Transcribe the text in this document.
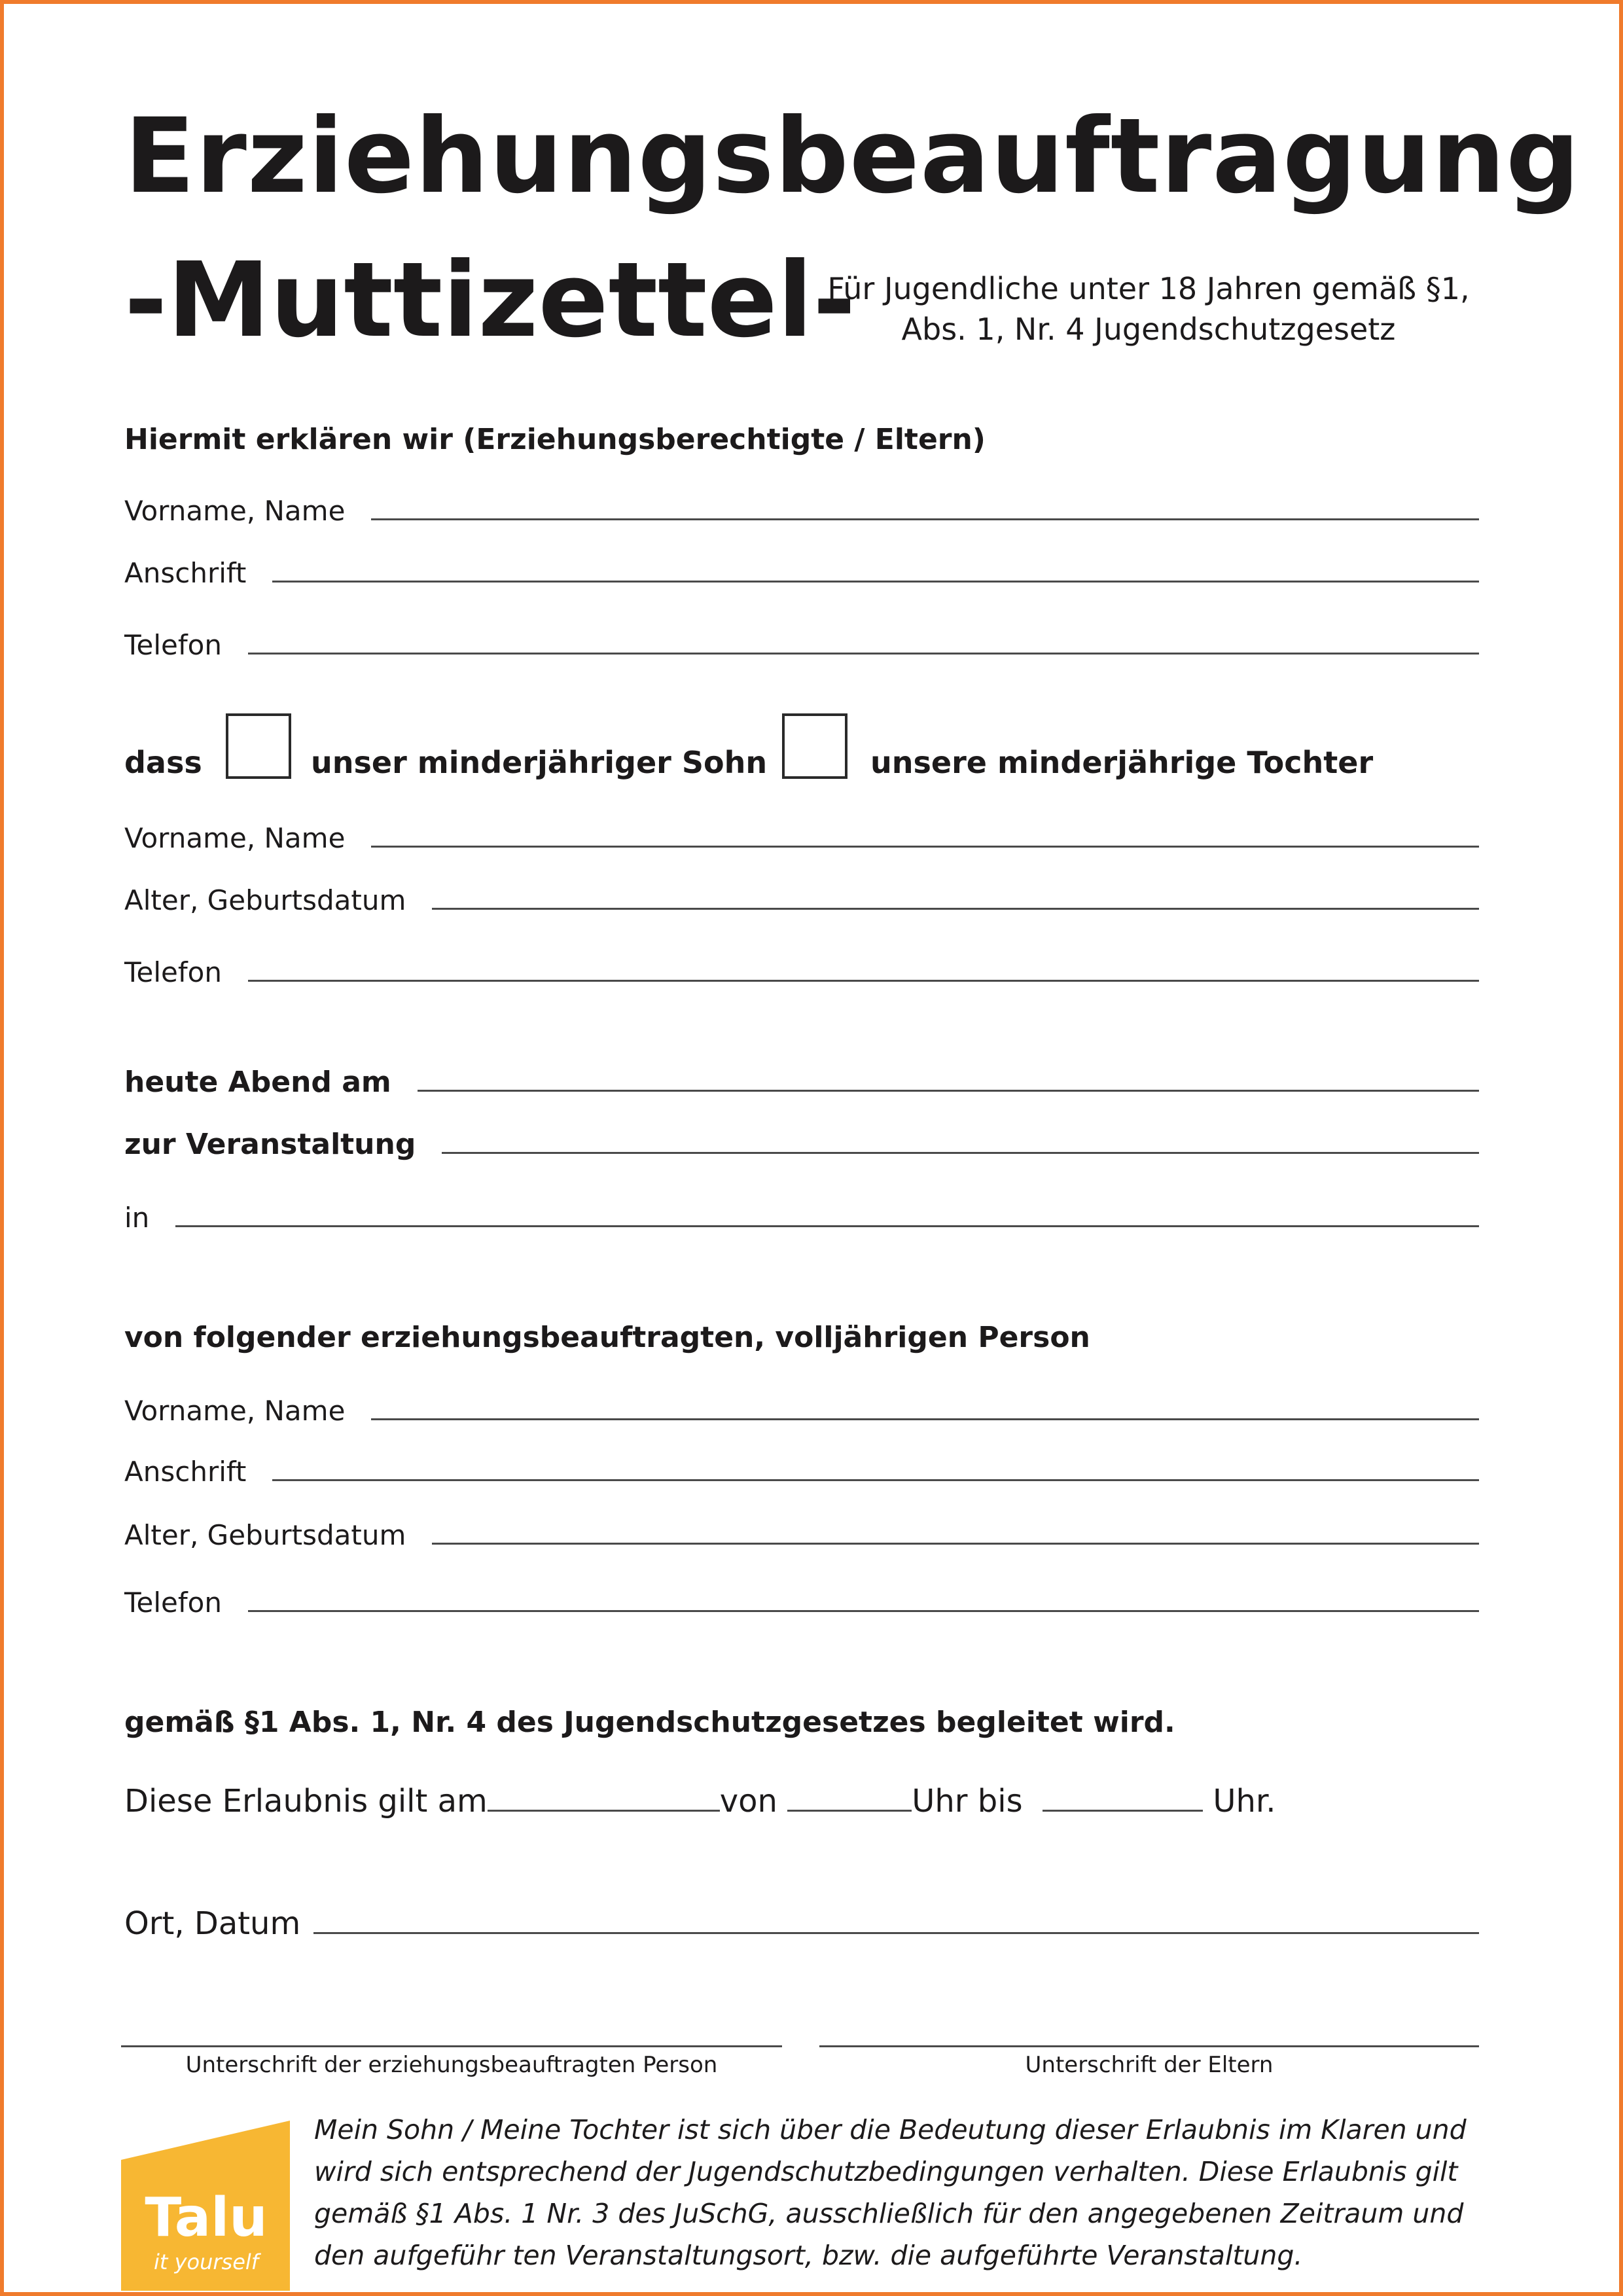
Erziehungsbeauftragung
-Muttizettel-
Für Jugendliche unter 18 Jahren gemäß §1, Abs. 1, Nr. 4 Jugendschutzgesetz
Hiermit erklären wir (Erziehungsberechtigte / Eltern)
Vorname, Name
Anschrift
Telefon
dass	unser minderjähriger Sohn	unsere minderjährige Tochter
Vorname, Name
Alter, Geburtsdatum
Telefon
heute Abend am
zur Veranstaltung
in
von folgender erziehungsbeauftragten, volljährigen Person
Vorname, Name
Anschrift
Alter, Geburtsdatum
Telefon
gemäß §1 Abs. 1, Nr. 4 des Jugendschutzgesetzes begleitet wird.
Diese Erlaubnis gilt am	von	Uhr bis	Uhr.
Ort, Datum
Unterschrift der erziehungsbeauftragten Person	Unterschrift der Eltern
Talu
it yourself
Mein Sohn / Meine Tochter ist sich über die Bedeutung dieser Erlaubnis im Klaren und wird sich entsprechend der Jugendschutzbedingungen verhalten. Diese Erlaubnis gilt gemäß §1 Abs. 1 Nr. 3 des JuSchG, ausschließlich für den angegebenen Zeitraum und den aufgeführ ten Veranstaltungsort, bzw. die aufgeführte Veranstaltung.
